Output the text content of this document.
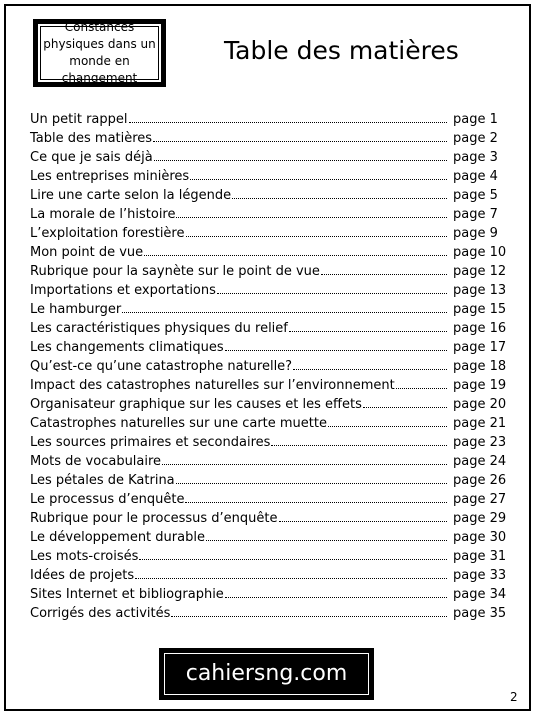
Constances physiques dans un monde en changement
Table des matières
Un petit rappel	page 1
Table des matières	page 2
Ce que je sais déjà	page 3
Les entreprises minières	page 4
Lire une carte selon la légende	page 5
La morale de l’histoire	page 7
L’exploitation forestière	page 9
Mon point de vue	page 10
Rubrique pour la saynète sur le point de vue	page 12
Importations et exportations	page 13
Le hamburger	page 15
Les caractéristiques physiques du relief	page 16
Les changements climatiques	page 17
Qu’est-ce qu’une catastrophe naturelle?	page 18
Impact des catastrophes naturelles sur l’environnement	page 19
Organisateur graphique sur les causes et les effets	page 20
Catastrophes naturelles sur une carte muette	page 21
Les sources primaires et secondaires	page 23
Mots de vocabulaire	page 24
Les pétales de Katrina	page 26
Le processus d’enquête	page 27
Rubrique pour le processus d’enquête	page 29
Le développement durable	page 30
Les mots-croisés	page 31
Idées de projets	page 33
Sites Internet et bibliographie	page 34
Corrigés des activités	page 35
cahiersng.com
2
